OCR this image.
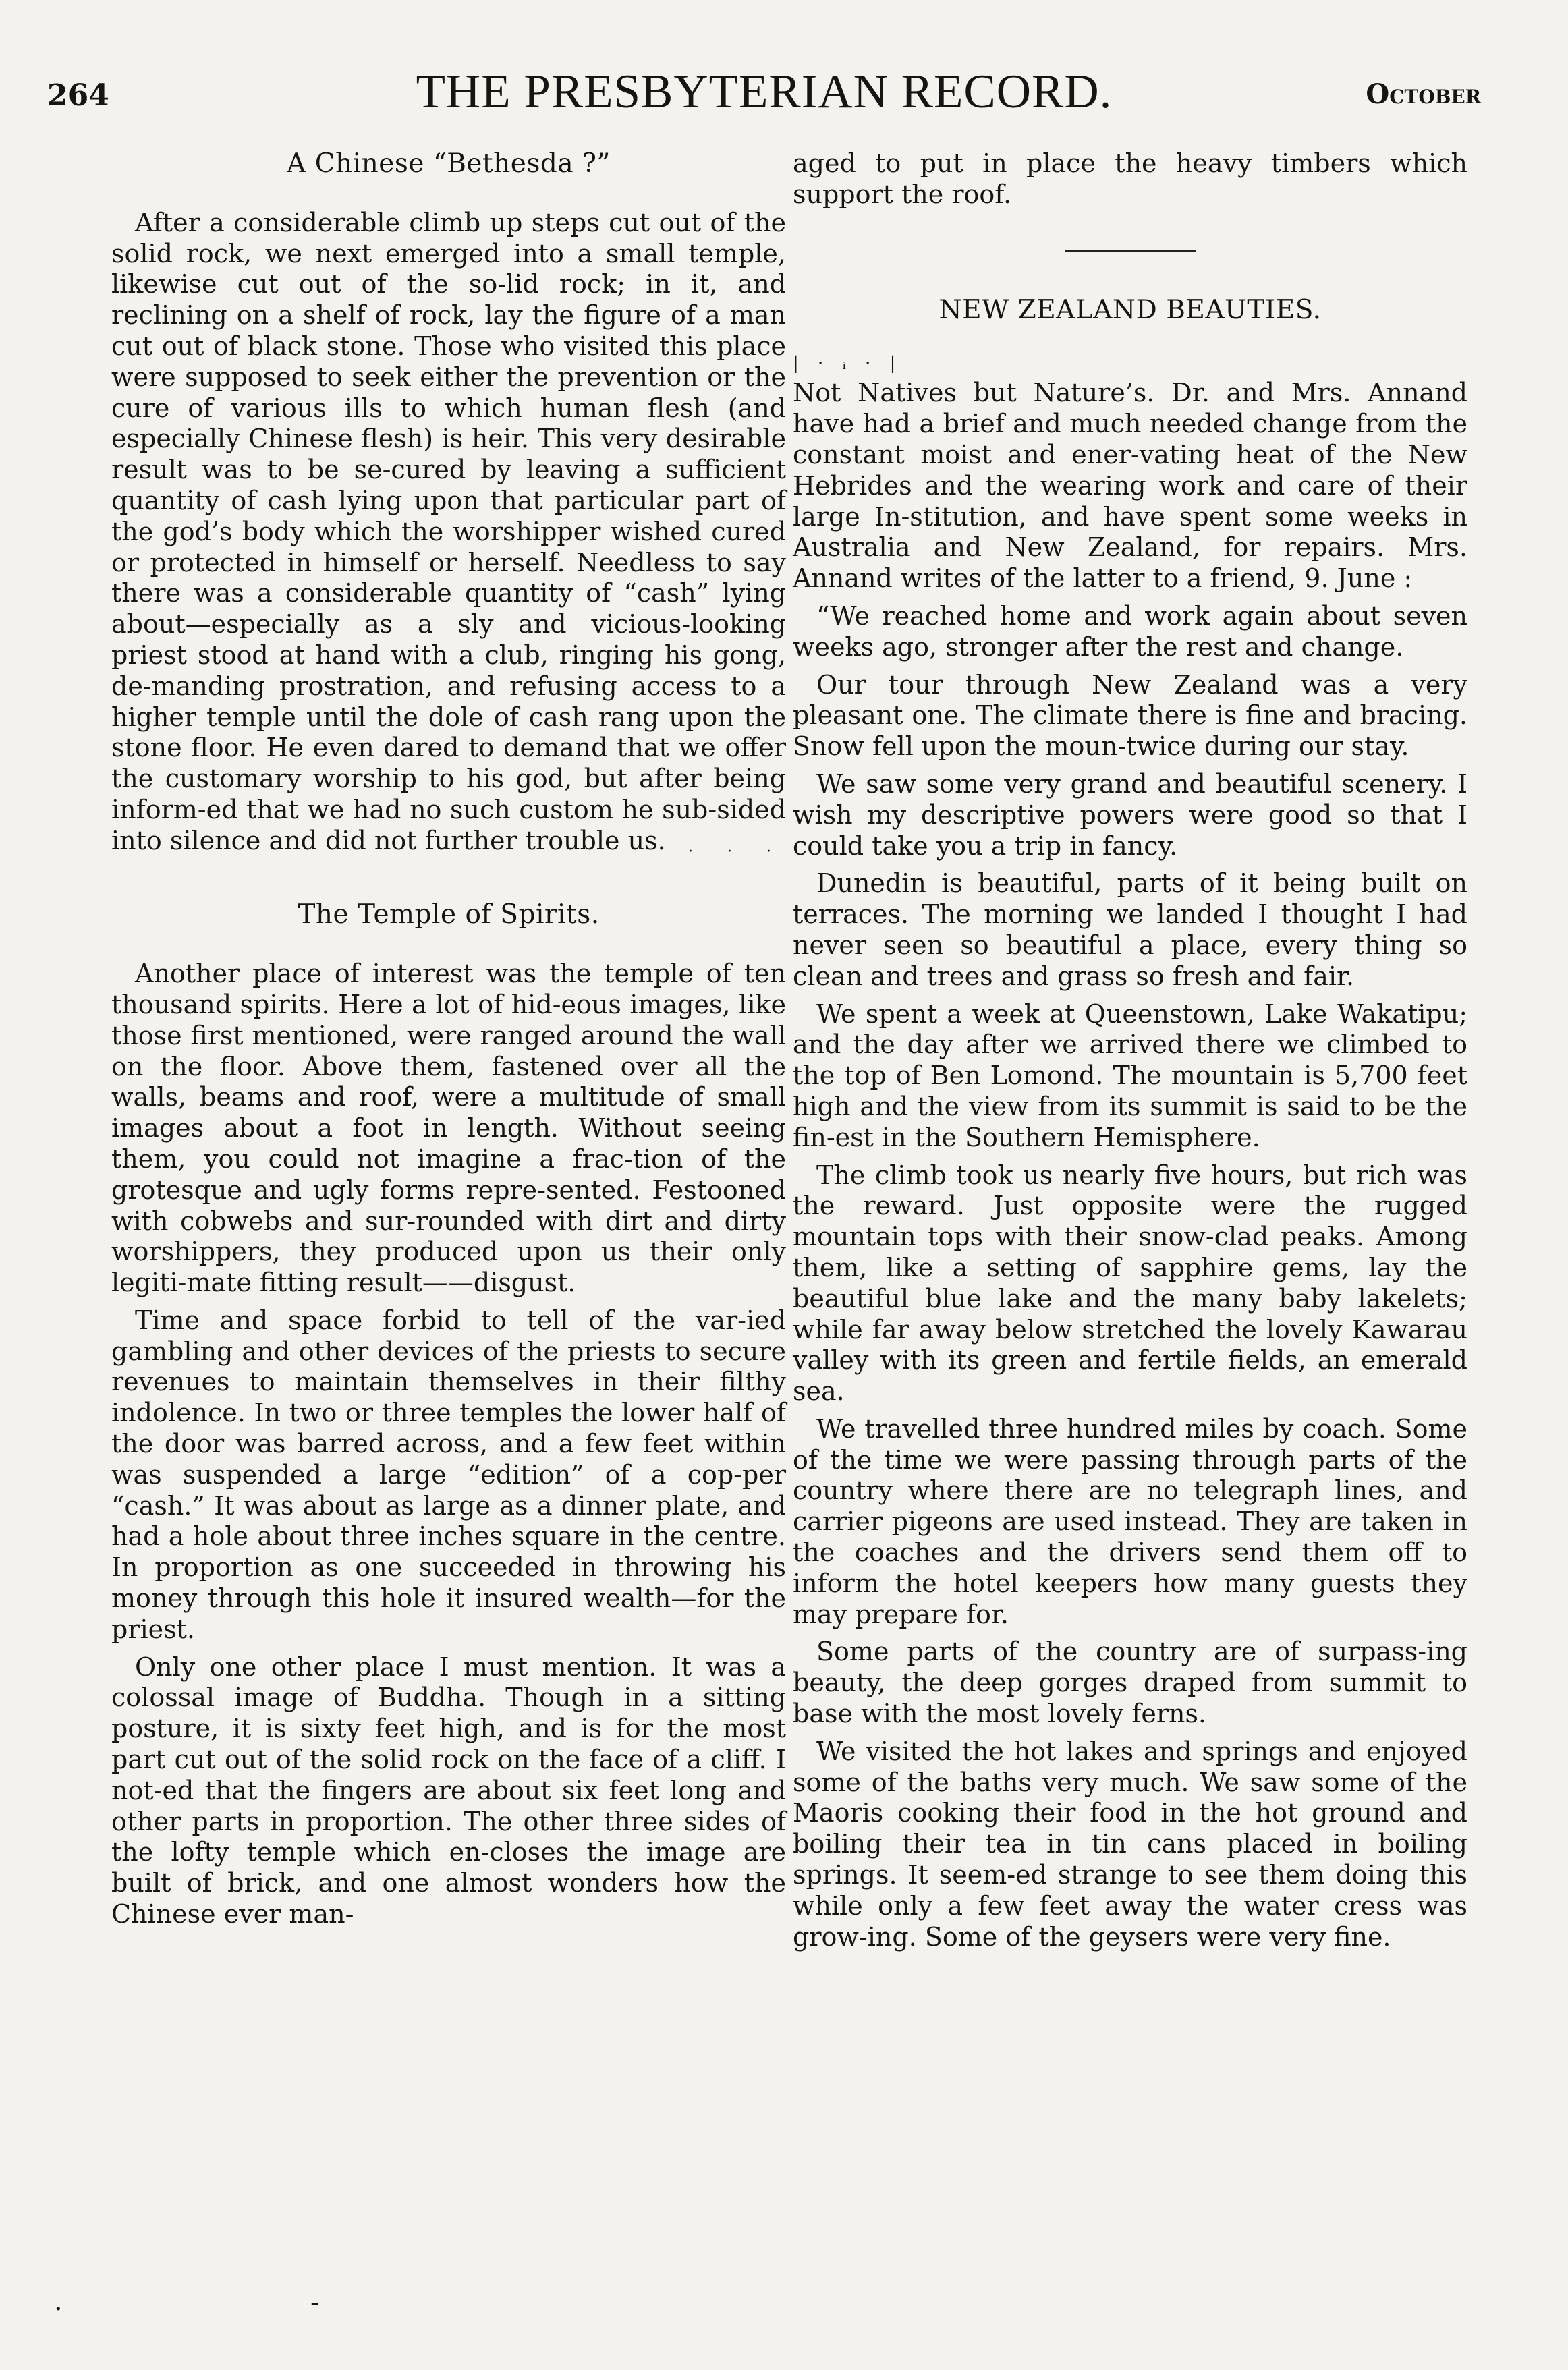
264	THE PRESBYTERIAN RECORD.	October
A Chinese “Bethesda ?”

After a considerable climb up steps cut out of the solid rock, we next emerged into a small temple, likewise cut out of the so-lid rock; in it, and reclining on a shelf of rock, lay the figure of a man cut out of black stone. Those who visited this place were supposed to seek either the prevention or the cure of various ills to which human flesh (and especially Chinese flesh) is heir. This very desirable result was to be se-cured by leaving a sufficient quantity of cash lying upon that particular part of the god’s body which the worshipper wished cured or protected in himself or herself. Needless to say there was a considerable quantity of “cash” lying about—especially as a sly and vicious-looking priest stood at hand with a club, ringing his gong, de-manding prostration, and refusing access to a higher temple until the dole of cash rang upon the stone floor. He even dared to demand that we offer the customary worship to his god, but after being inform-ed that we had no such custom he sub-sided into silence and did not further trouble us.	· · ·
The Temple of Spirits.

Another place of interest was the temple of ten thousand spirits. Here a lot of hid-eous images, like those first mentioned, were ranged around the wall on the floor. Above them, fastened over all the walls, beams and roof, were a multitude of small images about a foot in length. Without seeing them, you could not imagine a frac-tion of the grotesque and ugly forms repre-sented. Festooned with cobwebs and sur-rounded with dirt and dirty worshippers, they produced upon us their only legiti-mate fitting result——disgust.

Time and space forbid to tell of the var-ied gambling and other devices of the priests to secure revenues to maintain themselves in their filthy indolence. In two or three temples the lower half of the door was barred across, and a few feet within was suspended a large “edition” of a cop-per “cash.” It was about as large as a dinner plate, and had a hole about three inches square in the centre. In proportion as one succeeded in throwing his money through this hole it insured wealth—for the priest.

Only one other place I must mention. It was a colossal image of Buddha. Though in a sitting posture, it is sixty feet high, and is for the most part cut out of the solid rock on the face of a cliff. I not-ed that the fingers are about six feet long and other parts in proportion. The other three sides of the lofty temple which en-closes the image are built of brick, and one almost wonders how the Chinese ever man-

aged to put in place the heavy timbers which support the roof.

NEW ZEALAND BEAUTIES.
| · ᵢ · |

Not Natives but Nature’s. Dr. and Mrs. Annand have had a brief and much needed change from the constant moist and ener-vating heat of the New Hebrides and the wearing work and care of their large In-stitution, and have spent some weeks in Australia and New Zealand, for repairs. Mrs. Annand writes of the latter to a friend, 9. June :

“We reached home and work again about seven weeks ago, stronger after the rest and change.

Our tour through New Zealand was a very pleasant one. The climate there is fine and bracing. Snow fell upon the moun-twice during our stay.

We saw some very grand and beautiful scenery. I wish my descriptive powers were good so that I could take you a trip in fancy.

Dunedin is beautiful, parts of it being built on terraces. The morning we landed I thought I had never seen so beautiful a place, every thing so clean and trees and grass so fresh and fair.

We spent a week at Queenstown, Lake Wakatipu; and the day after we arrived there we climbed to the top of Ben Lomond. The mountain is 5,700 feet high and the view from its summit is said to be the fin-est in the Southern Hemisphere.

The climb took us nearly five hours, but rich was the reward. Just opposite were the rugged mountain tops with their snow-clad peaks. Among them, like a setting of sapphire gems, lay the beautiful blue lake and the many baby lakelets; while far away below stretched the lovely Kawarau valley with its green and fertile fields, an emerald sea.

We travelled three hundred miles by coach. Some of the time we were passing through parts of the country where there are no telegraph lines, and carrier pigeons are used instead. They are taken in the coaches and the drivers send them off to inform the hotel keepers how many guests they may prepare for.

Some parts of the country are of surpass-ing beauty, the deep gorges draped from summit to base with the most lovely ferns.

We visited the hot lakes and springs and enjoyed some of the baths very much. We saw some of the Maoris cooking their food in the hot ground and boiling their tea in tin cans placed in boiling springs. It seem-ed strange to see them doing this while only a few feet away the water cress was grow-ing. Some of the geysers were very fine.

·	-
